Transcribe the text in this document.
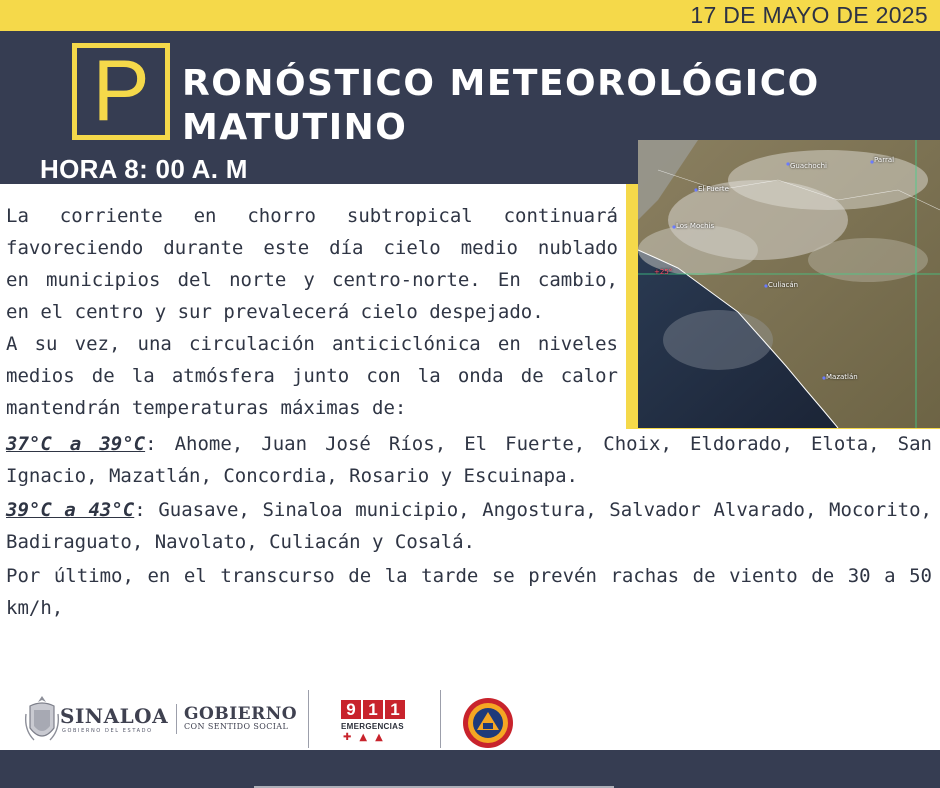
17 DE MAYO DE 2025
P RONÓSTICO METEOROLÓGICO
MATUTINO
HORA 8: 00 A. M	Guachochi
Parral
El Fuerte
Los Mochis
Culiacán
Mazatlán
+25°
La corriente en chorro subtropical continuará
favoreciendo durante este día cielo medio nublado
en municipios del norte y centro-norte. En cambio,
en el centro y sur prevalecerá cielo despejado.
A su vez, una circulación anticiclónica en niveles
medios de la atmósfera junto con la onda de calor
mantendrán temperaturas máximas de:
37°C a 39°C: Ahome, Juan José Ríos, El Fuerte, Choix, Eldorado, Elota, San Ignacio, Mazatlán, Concordia, Rosario y Escuinapa.
39°C a 43°C: Guasave, Sinaloa municipio, Angostura, Salvador Alvarado, Mocorito, Badiraguato, Navolato, Culiacán y Cosalá.
Por último, en el transcurso de la tarde se prevén rachas de viento de 30 a 50 km/h,
SINALOA
GOBIERNO DEL ESTADO
GOBIERNO
CON SENTIDO SOCIAL
9 1 1
EMERGENCIAS
✚▲▲
